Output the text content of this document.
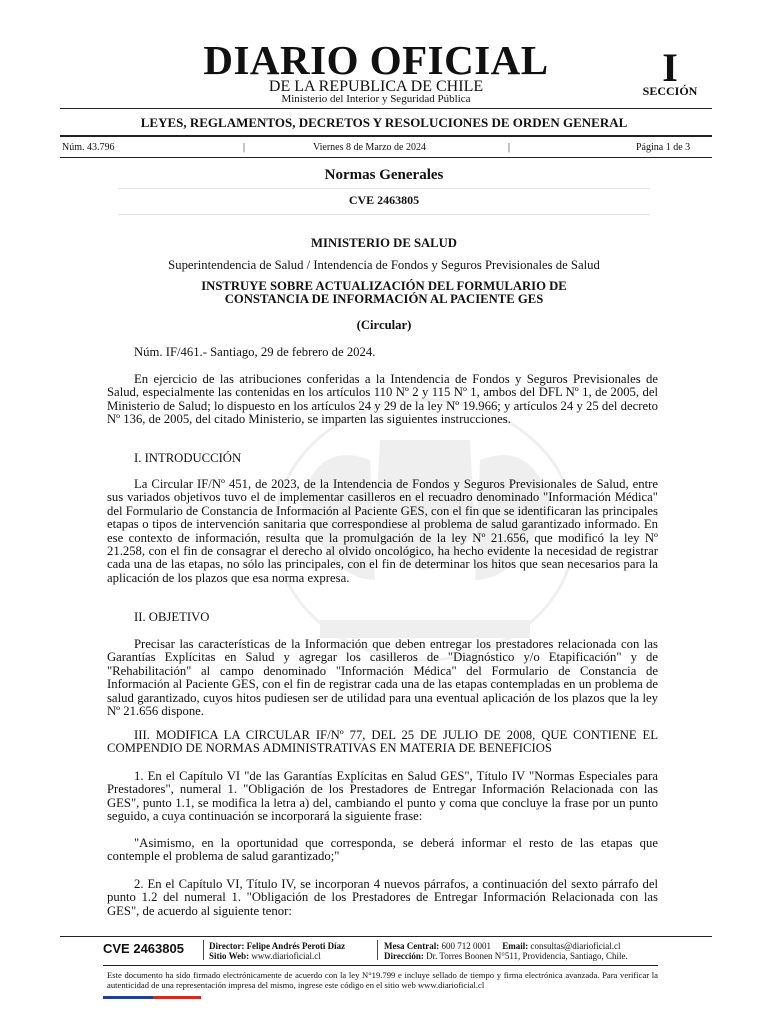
DIARIO OFICIAL
DE LA REPUBLICA DE CHILE
Ministerio del Interior y Seguridad Pública
I
SECCIÓN
LEYES, REGLAMENTOS, DECRETOS Y RESOLUCIONES DE ORDEN GENERAL
Núm. 43.796	|	Viernes 8 de Marzo de 2024	|	Página 1 de 3
Normas Generales
CVE 2463805
MINISTERIO DE SALUD
Superintendencia de Salud / Intendencia de Fondos y Seguros Previsionales de Salud
INSTRUYE SOBRE ACTUALIZACIÓN DEL FORMULARIO DE CONSTANCIA DE INFORMACIÓN AL PACIENTE GES
(Circular)

Núm. IF/461.- Santiago, 29 de febrero de 2024.

En ejercicio de las atribuciones conferidas a la Intendencia de Fondos y Seguros Previsionales de Salud, especialmente las contenidas en los artículos 110 Nº 2 y 115 Nº 1, ambos del DFL Nº 1, de 2005, del Ministerio de Salud; lo dispuesto en los artículos 24 y 29 de la ley Nº 19.966; y artículos 24 y 25 del decreto Nº 136, de 2005, del citado Ministerio, se imparten las siguientes instrucciones.

I. INTRODUCCIÓN

La Circular IF/Nº 451, de 2023, de la Intendencia de Fondos y Seguros Previsionales de Salud, entre sus variados objetivos tuvo el de implementar casilleros en el recuadro denominado "Información Médica" del Formulario de Constancia de Información al Paciente GES, con el fin que se identificaran las principales etapas o tipos de intervención sanitaria que correspondiese al problema de salud garantizado informado. En ese contexto de información, resulta que la promulgación de la ley Nº 21.656, que modificó la ley Nº 21.258, con el fin de consagrar el derecho al olvido oncológico, ha hecho evidente la necesidad de registrar cada una de las etapas, no sólo las principales, con el fin de determinar los hitos que sean necesarios para la aplicación de los plazos que esa norma expresa.

II. OBJETIVO

Precisar las características de la Información que deben entregar los prestadores relacionada con las Garantías Explícitas en Salud y agregar los casilleros de "Diagnóstico y/o Etapificación" y de "Rehabilitación" al campo denominado "Información Médica" del Formulario de Constancia de Información al Paciente GES, con el fin de registrar cada una de las etapas contempladas en un problema de salud garantizado, cuyos hitos pudiesen ser de utilidad para una eventual aplicación de los plazos que la ley Nº 21.656 dispone.

III. MODIFICA LA CIRCULAR IF/Nº 77, DEL 25 DE JULIO DE 2008, QUE CONTIENE EL COMPENDIO DE NORMAS ADMINISTRATIVAS EN MATERIA DE BENEFICIOS

1. En el Capítulo VI "de las Garantías Explícitas en Salud GES", Título IV "Normas Especiales para Prestadores", numeral 1. "Obligación de los Prestadores de Entregar Información Relacionada con las GES", punto 1.1, se modifica la letra a) del, cambiando el punto y coma que concluye la frase por un punto seguido, a cuya continuación se incorporará la siguiente frase:

"Asimismo, en la oportunidad que corresponda, se deberá informar el resto de las etapas que contemple el problema de salud garantizado;"

2. En el Capítulo VI, Título IV, se incorporan 4 nuevos párrafos, a continuación del sexto párrafo del punto 1.2 del numeral 1. "Obligación de los Prestadores de Entregar Información Relacionada con las GES", de acuerdo al siguiente tenor:

CVE 2463805	Director: Felipe Andrés Peroti Díaz
Sitio Web: www.diarioficial.cl
Mesa Central: 600 712 0001 Email: consultas@diarioficial.cl
Dirección: Dr. Torres Boonen N°511, Providencia, Santiago, Chile.
Este documento ha sido firmado electrónicamente de acuerdo con la ley N°19.799 e incluye sellado de tiempo y firma electrónica avanzada. Para verificar la autenticidad de una representación impresa del mismo, ingrese este código en el sitio web www.diarioficial.cl
